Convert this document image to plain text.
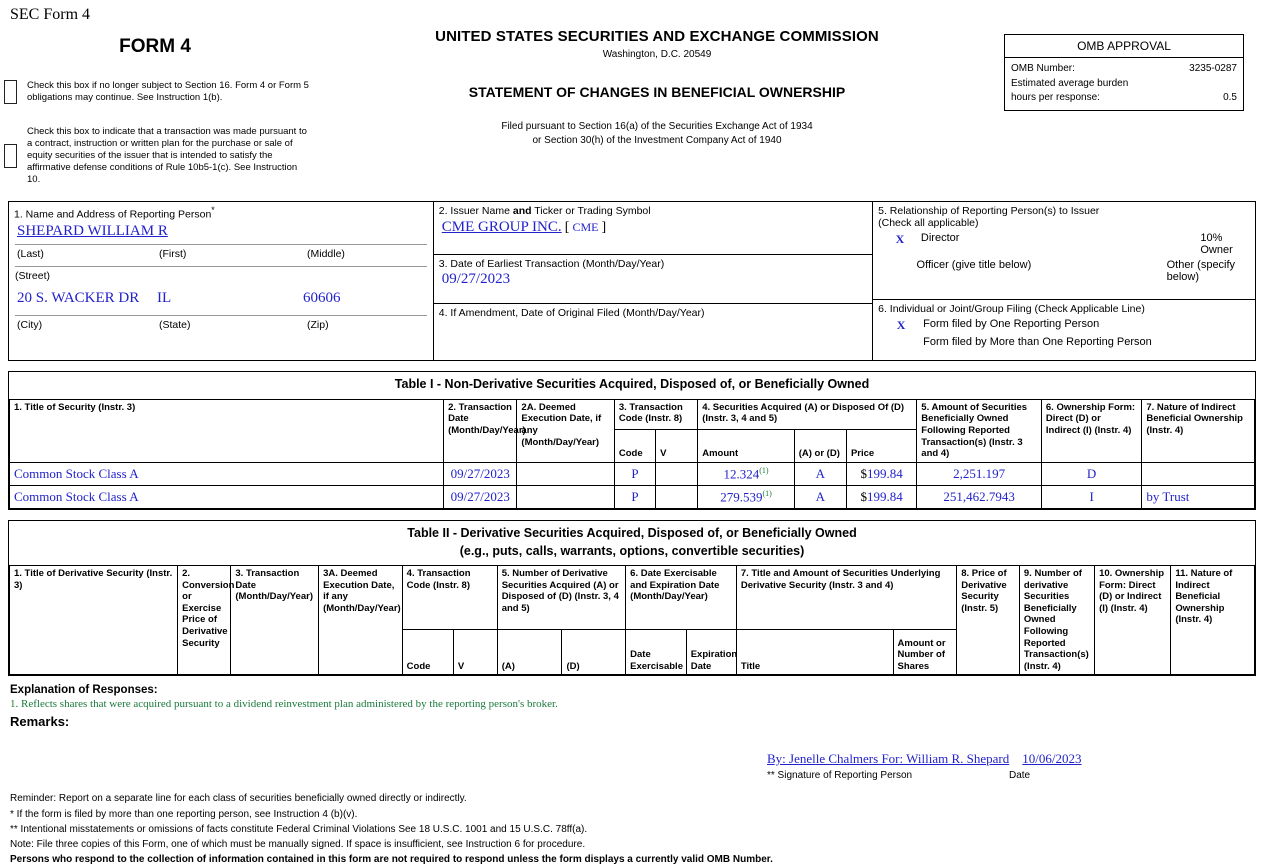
SEC Form 4
FORM 4
Check this box if no longer subject to Section 16. Form 4 or Form 5 obligations may continue. See Instruction 1(b).
Check this box to indicate that a transaction was made pursuant to a contract, instruction or written plan for the purchase or sale of equity securities of the issuer that is intended to satisfy the affirmative defense conditions of Rule 10b5-1(c). See Instruction 10.
UNITED STATES SECURITIES AND EXCHANGE COMMISSION
Washington, D.C. 20549
STATEMENT OF CHANGES IN BENEFICIAL OWNERSHIP
Filed pursuant to Section 16(a) of the Securities Exchange Act of 1934
or Section 30(h) of the Investment Company Act of 1940
OMB APPROVAL
OMB Number:	3235-0287
Estimated average burden
hours per response:	0.5
1. Name and Address of Reporting Person*
SHEPARD WILLIAM R
(Last)	(First)	(Middle)
(Street)
20 S. WACKER DR	IL	60606
(City)	(State)	(Zip)
2. Issuer Name and Ticker or Trading Symbol
CME GROUP INC. [ CME ]
3. Date of Earliest Transaction (Month/Day/Year)
09/27/2023
4. If Amendment, Date of Original Filed (Month/Day/Year)
5. Relationship of Reporting Person(s) to Issuer
(Check all applicable)
X	Director	10% Owner
Officer (give title below)	Other (specify below)
6. Individual or Joint/Group Filing (Check Applicable Line)
X	Form filed by One Reporting Person
Form filed by More than One Reporting Person
Table I - Non-Derivative Securities Acquired, Disposed of, or Beneficially Owned
1. Title of Security (Instr. 3)	2. Transaction Date (Month/Day/Year)	2A. Deemed Execution Date, if any (Month/Day/Year)	3. Transaction Code (Instr. 8)		4. Securities Acquired (A) or Disposed Of (D) (Instr. 3, 4 and 5)			5. Amount of Securities Beneficially Owned Following Reported Transaction(s) (Instr. 3 and 4)	6. Ownership Form: Direct (D) or Indirect (I) (Instr. 4)	7. Nature of Indirect Beneficial Ownership (Instr. 4)
			Code	V	Amount	(A) or (D)	Price			
Common Stock Class A	09/27/2023		P		12.324$^{(1)}$	A	$199.84	2,251.197	D	
Common Stock Class A	09/27/2023		P		279.539$^{(1)}$	A	$199.84	251,462.7943	I	by Trust
Table II - Derivative Securities Acquired, Disposed of, or Beneficially Owned
(e.g., puts, calls, warrants, options, convertible securities)
1. Title of Derivative Security (Instr. 3)	2. Conversion or Exercise Price of Derivative Security	3. Transaction Date (Month/Day/Year)	3A. Deemed Execution Date, if any (Month/Day/Year)	4. Transaction Code (Instr. 8)		5. Number of Derivative Securities Acquired (A) or Disposed of (D) (Instr. 3, 4 and 5)		6. Date Exercisable and Expiration Date (Month/Day/Year)		7. Title and Amount of Securities Underlying Derivative Security (Instr. 3 and 4)		8. Price of Derivative Security (Instr. 5)	9. Number of derivative Securities Beneficially Owned Following Reported Transaction(s) (Instr. 4)	10. Ownership Form: Direct (D) or Indirect (I) (Instr. 4)	11. Nature of Indirect Beneficial Ownership (Instr. 4)
				Code	V	(A)	(D)	Date Exercisable	Expiration Date	Title	Amount or Number of Shares				
Explanation of Responses:
1. Reflects shares that were acquired pursuant to a dividend reinvestment plan administered by the reporting person's broker.
Remarks:
By: Jenelle Chalmers For: William R. Shepard 10/06/2023
** Signature of Reporting Person	Date
Reminder: Report on a separate line for each class of securities beneficially owned directly or indirectly.
* If the form is filed by more than one reporting person, see Instruction 4 (b)(v).
** Intentional misstatements or omissions of facts constitute Federal Criminal Violations See 18 U.S.C. 1001 and 15 U.S.C. 78ff(a).
Note: File three copies of this Form, one of which must be manually signed. If space is insufficient, see Instruction 6 for procedure.
Persons who respond to the collection of information contained in this form are not required to respond unless the form displays a currently valid OMB Number.
